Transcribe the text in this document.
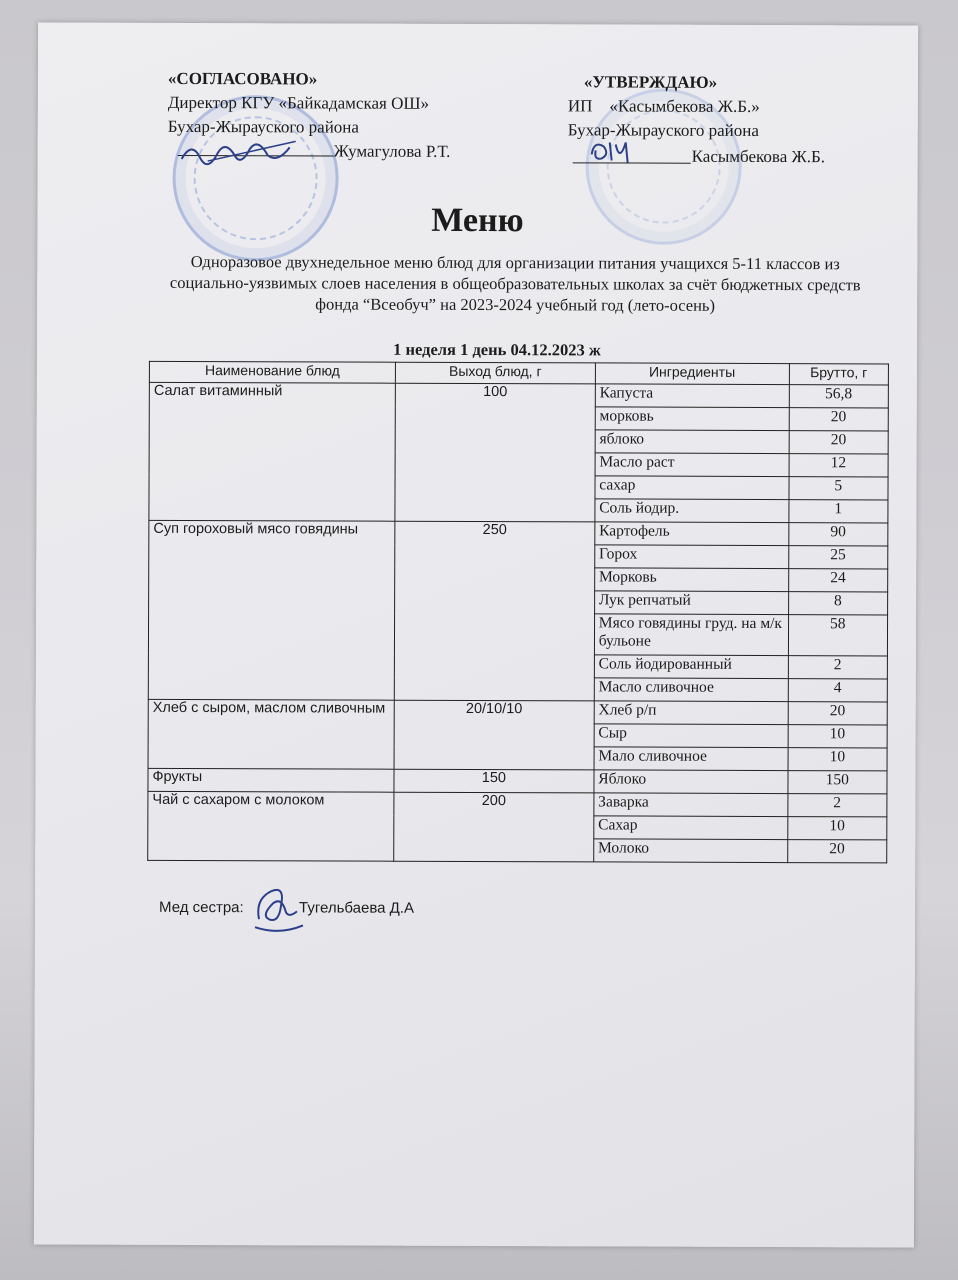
«СОГЛАСОВАНО»
Директор КГУ «Байкадамская ОШ»
Бухар-Жырауского района
Жумагулова Р.Т.
«УТВЕРЖДАЮ»
ИП    «Касымбекова Ж.Б.»
Бухар-Жырауского района
Касымбекова Ж.Б.
Меню
Одноразовое двухнедельное меню блюд для организации питания учащихся 5-11 классов из социально-уязвимых слоев населения в общеобразовательных школах за счёт бюджетных средств фонда “Всеобуч” на 2023-2024 учебный год (лето-осень)
1 неделя 1 день 04.12.2023 ж
Наименование блюд	Выход блюд, г	Ингредиенты	Брутто, г
Салат витаминный	100	Капуста	56,8
		морковь	20
		яблоко	20
		Масло раст	12
		сахар	5
		Соль йодир.	1
Суп гороховый мясо говядины	250	Картофель	90
		Горох	25
		Морковь	24
		Лук репчатый	8
		Мясо говядины груд. на м/к бульоне	58
		Соль йодированный	2
		Масло сливочное	4
Хлеб с сыром, маслом сливочным	20/10/10	Хлеб р/п	20
		Сыр	10
		Мало сливочное	10
Фрукты	150	Яблоко	150
Чай с сахаром с молоком	200	Заварка	2
		Сахар	10
		Молоко	20
Мед сестра:	Тугельбаева Д.А
